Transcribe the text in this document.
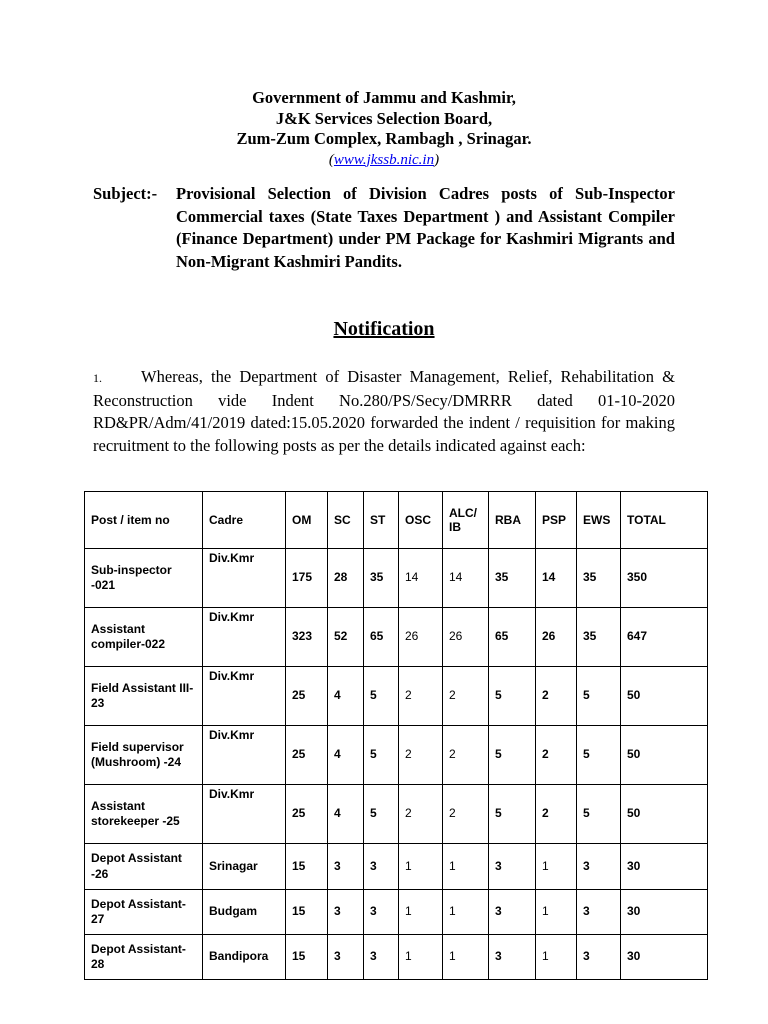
Government of Jammu and Kashmir,
J&K Services Selection Board,
Zum-Zum Complex, Rambagh , Srinagar.
(www.jkssb.nic.in)
Subject:- Provisional Selection of Division Cadres posts of Sub-Inspector Commercial taxes (State Taxes Department ) and Assistant Compiler (Finance Department) under PM Package for Kashmiri Migrants and Non-Migrant Kashmiri Pandits.
Notification
1. Whereas, the Department of Disaster Management, Relief, Rehabilitation & Reconstruction vide Indent No.280/PS/Secy/DMRRR dated 01-10-2020 RD&PR/Adm/41/2019 dated:15.05.2020 forwarded the indent / requisition for making recruitment to the following posts as per the details indicated against each:
Post / item no	Cadre	OM	SC	ST	OSC	ALC/ IB	RBA	PSP	EWS	TOTAL
Sub-inspector -021	Div.Kmr	175	28	35	14	14	35	14	35	350
Assistant compiler-022	Div.Kmr	323	52	65	26	26	65	26	35	647
Field Assistant III-23	Div.Kmr	25	4	5	2	2	5	2	5	50
Field supervisor (Mushroom) -24	Div.Kmr	25	4	5	2	2	5	2	5	50
Assistant storekeeper -25	Div.Kmr	25	4	5	2	2	5	2	5	50
Depot Assistant -26	Srinagar	15	3	3	1	1	3	1	3	30
Depot Assistant-27	Budgam	15	3	3	1	1	3	1	3	30
Depot Assistant-28	Bandipora	15	3	3	1	1	3	1	3	30
